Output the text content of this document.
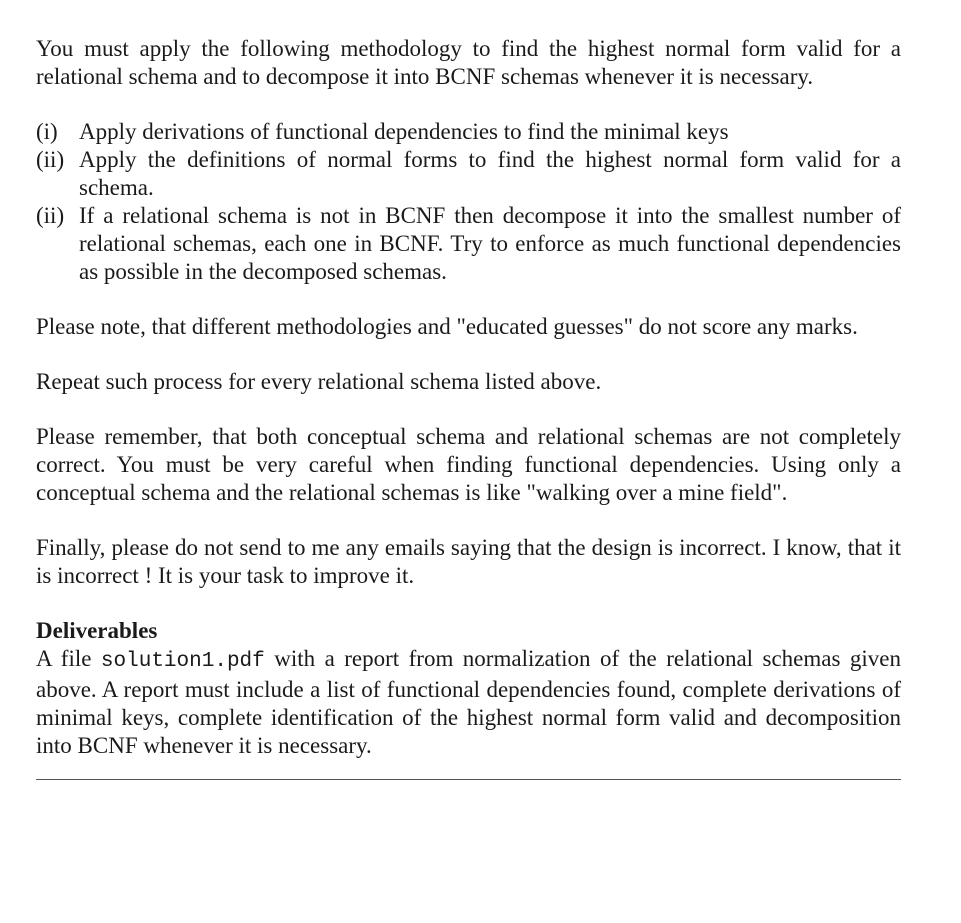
You must apply the following methodology to find the highest normal form valid for a relational schema and to decompose it into BCNF schemas whenever it is necessary.

(i) Apply derivations of functional dependencies to find the minimal keys
(ii) Apply the definitions of normal forms to find the highest normal form valid for a schema.
(ii) If a relational schema is not in BCNF then decompose it into the smallest number of relational schemas, each one in BCNF. Try to enforce as much functional dependencies as possible in the decomposed schemas.

Please note, that different methodologies and "educated guesses" do not score any marks.

Repeat such process for every relational schema listed above.

Please remember, that both conceptual schema and relational schemas are not completely correct. You must be very careful when finding functional dependencies. Using only a conceptual schema and the relational schemas is like "walking over a mine field".

Finally, please do not send to me any emails saying that the design is incorrect. I know, that it is incorrect ! It is your task to improve it.

Deliverables

A file solution1.pdf with a report from normalization of the relational schemas given above. A report must include a list of functional dependencies found, complete derivations of minimal keys, complete identification of the highest normal form valid and decomposition into BCNF whenever it is necessary.
